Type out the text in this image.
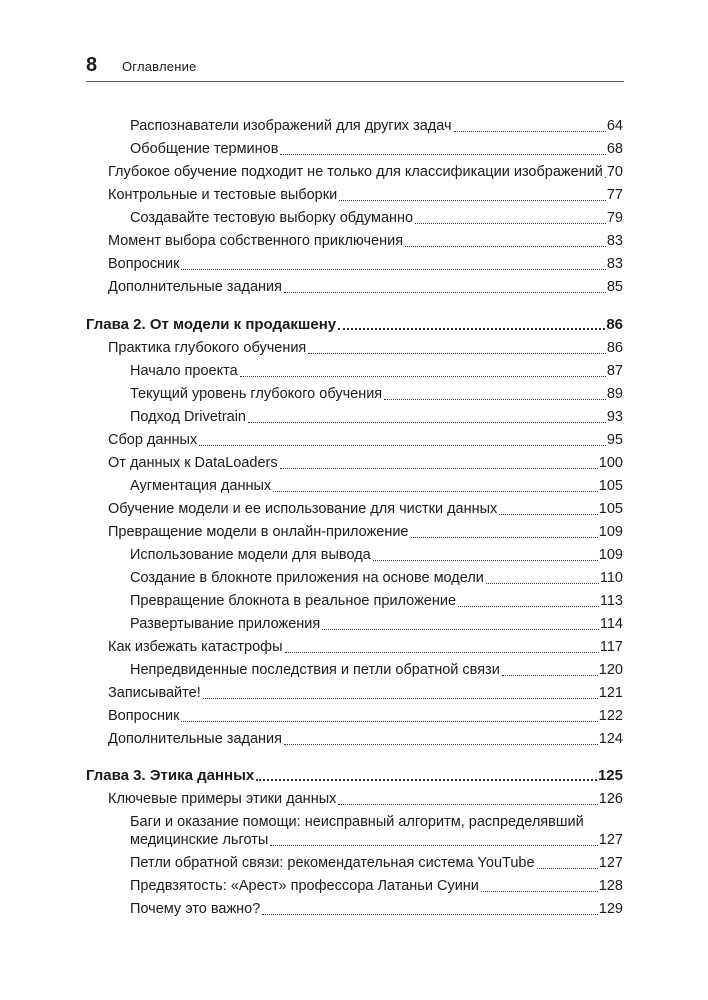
8 Оглавление
Распознаватели изображений для других задач	64
Обобщение терминов	68
Глубокое обучение подходит не только для классификации изображений 70
Контрольные и тестовые выборки	77
Создавайте тестовую выборку обдуманно	79
Момент выбора собственного приключения	83
Вопросник	83
Дополнительные задания	85
Глава 2. От модели к продакшену	86
Практика глубокого обучения	86
Начало проекта	87
Текущий уровень глубокого обучения	89
Подход Drivetrain	93
Сбор данных	95
От данных к DataLoaders	100
Аугментация данных	105
Обучение модели и ее использование для чистки данных	105
Превращение модели в онлайн-приложение	109
Использование модели для вывода	109
Создание в блокноте приложения на основе модели	110
Превращение блокнота в реальное приложение	113
Развертывание приложения	114
Как избежать катастрофы	117
Непредвиденные последствия и петли обратной связи	120
Записывайте!	121
Вопросник	122
Дополнительные задания	124
Глава 3. Этика данных	125
Ключевые примеры этики данных	126
Баги и оказание помощи: неисправный алгоритм, распределявший
медицинские льготы	127
Петли обратной связи: рекомендательная система YouTube	127
Предвзятость: «Арест» профессора Латаньи Суини	128
Почему это важно?	129
